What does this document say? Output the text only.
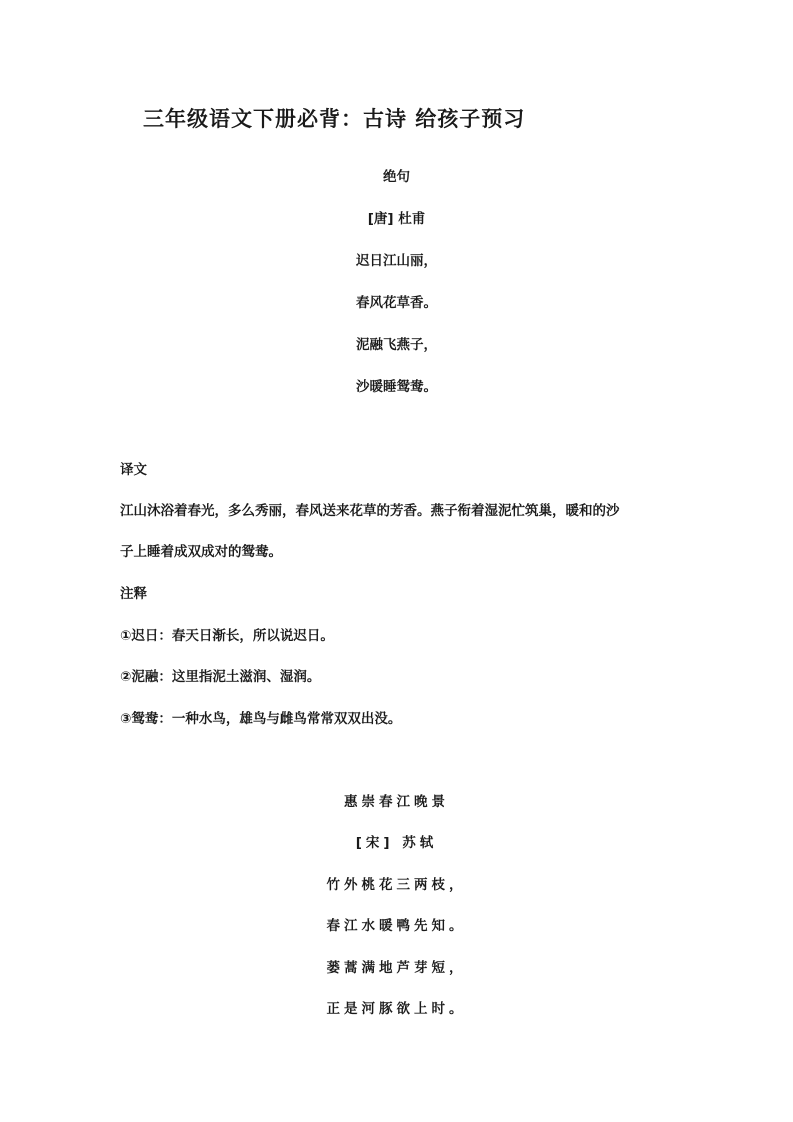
三年级语文下册必背：古诗 给孩子预习
绝句
[唐] 杜甫
迟日江山丽，
春风花草香。
泥融飞燕子，
沙暖睡鸳鸯。
译文
江山沐浴着春光，多么秀丽，春风送来花草的芳香。燕子衔着湿泥忙筑巢，暖和的沙
子上睡着成双成对的鸳鸯。
注释
①迟日：春天日渐长，所以说迟日。
②泥融：这里指泥土滋润、湿润。
③鸳鸯：一种水鸟，雄鸟与雌鸟常常双双出没。
惠崇春江晚景
[宋] 苏轼
竹外桃花三两枝，
春江水暖鸭先知。
蒌蒿满地芦芽短，
正是河豚欲上时。
